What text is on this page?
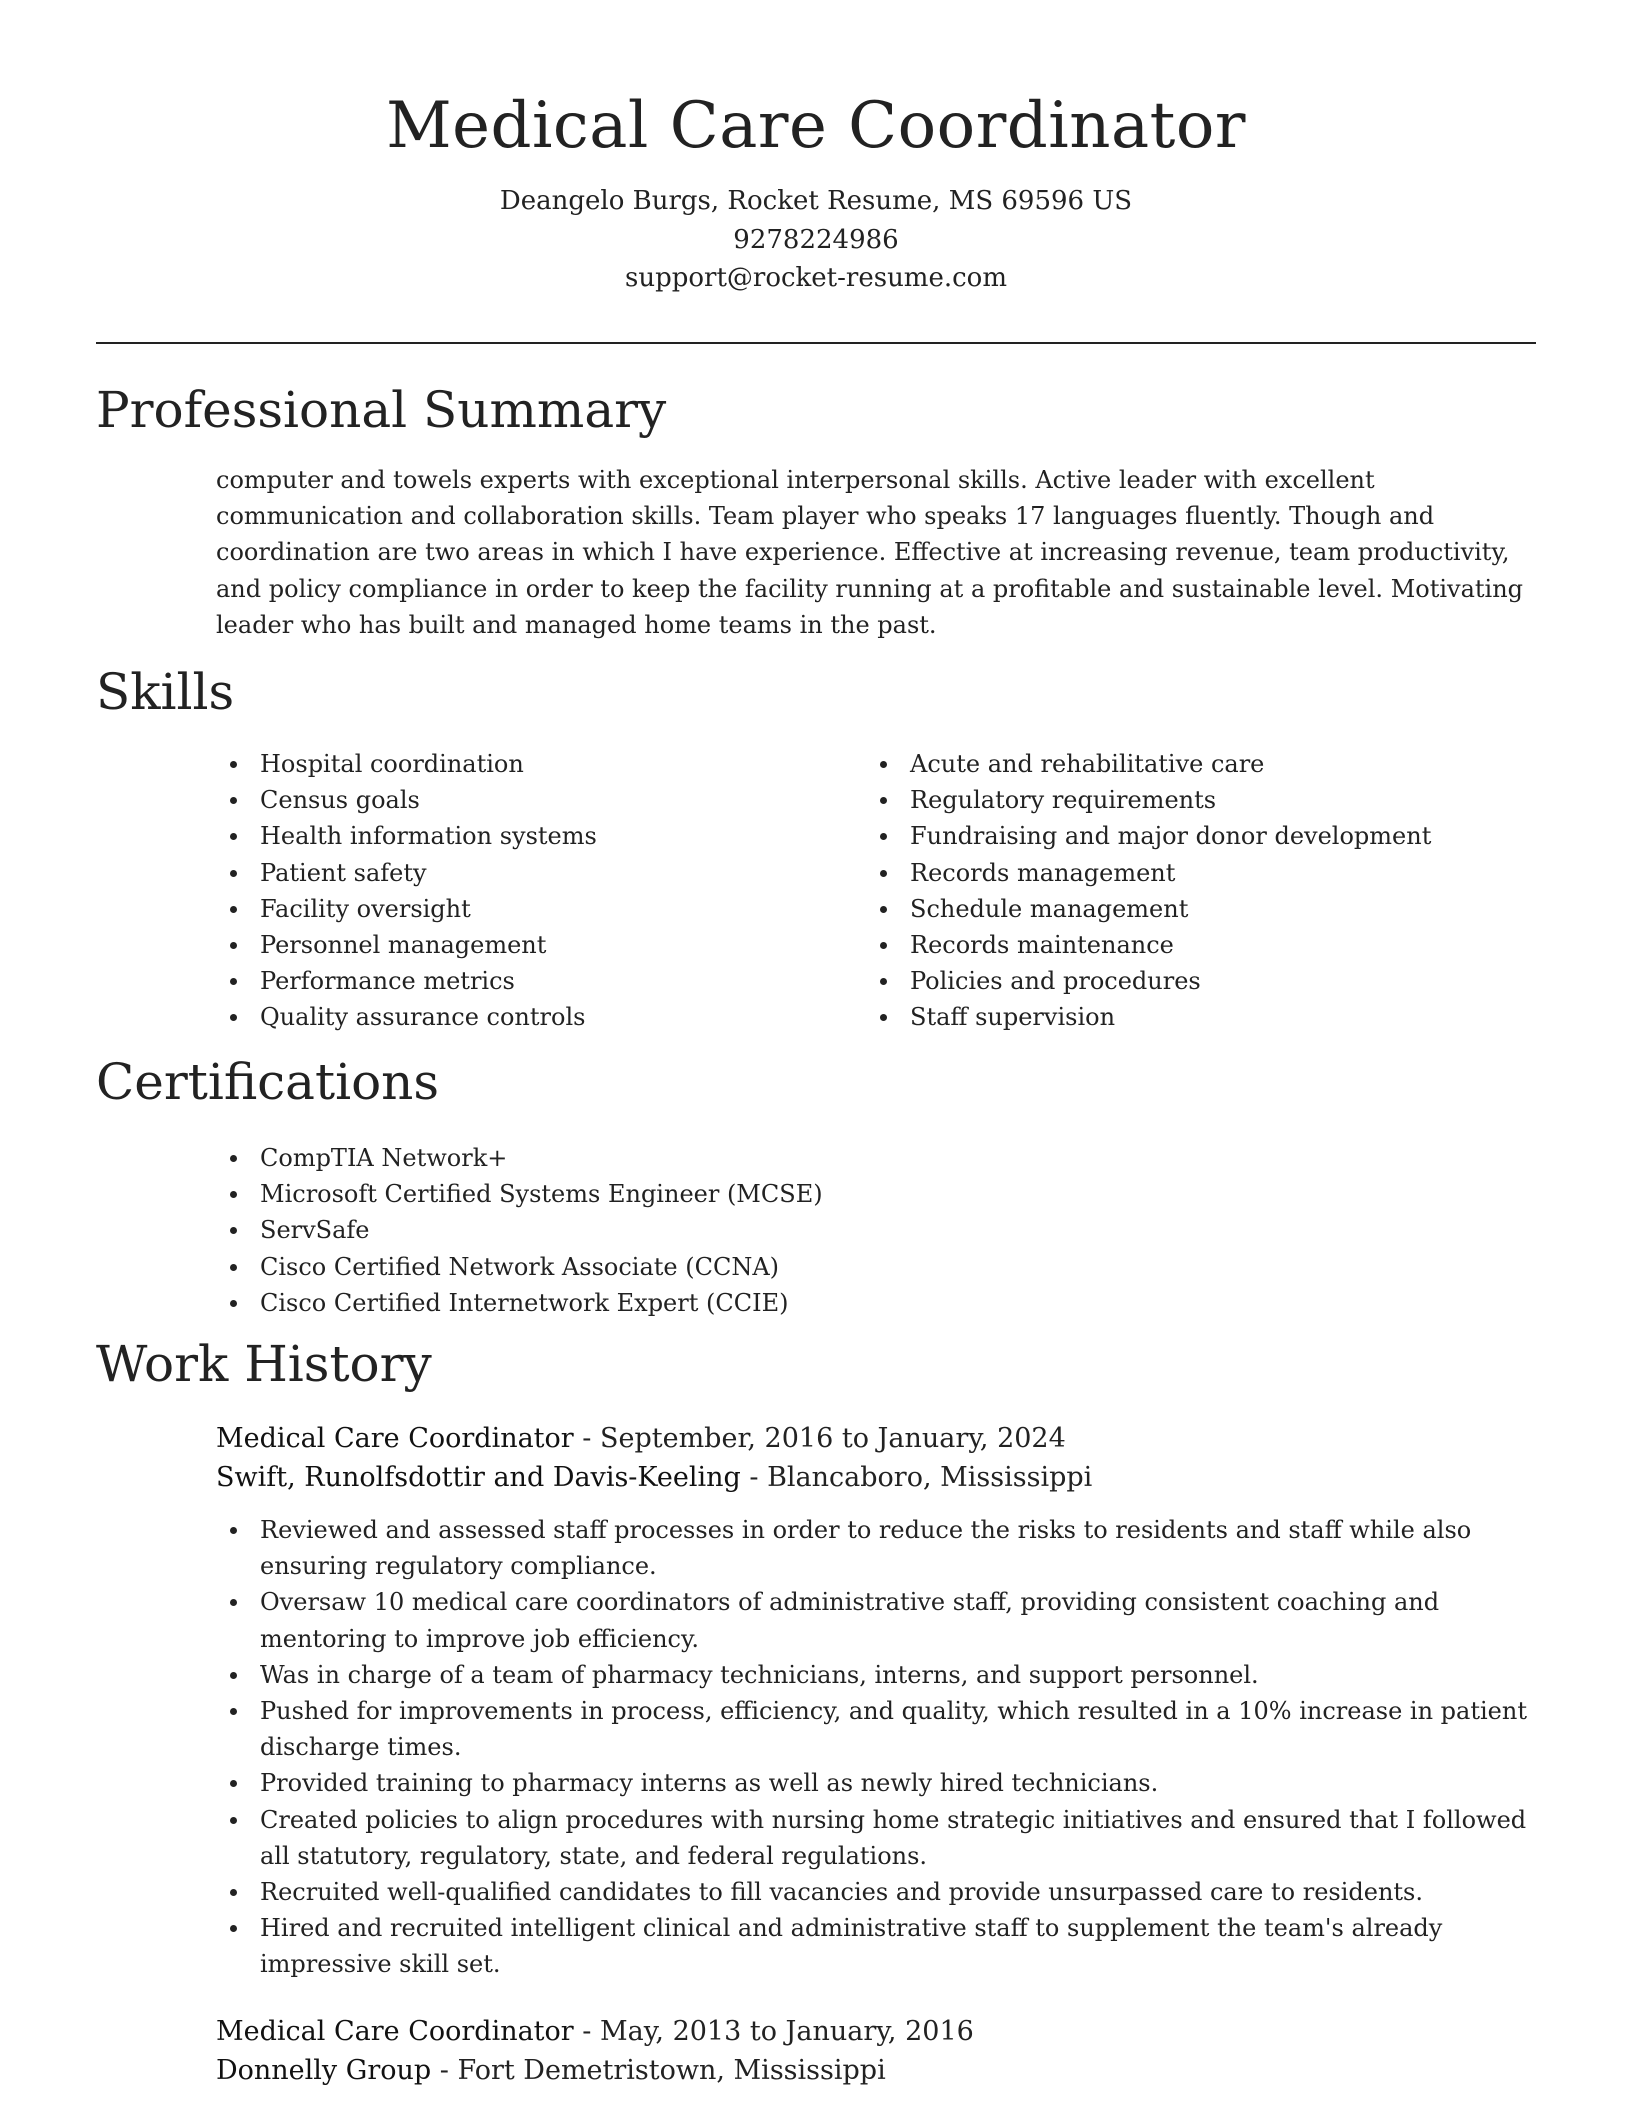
Medical Care Coordinator
Deangelo Burgs, Rocket Resume, MS 69596 US
9278224986
support@rocket-resume.com
Professional Summary

computer and towels experts with exceptional interpersonal skills. Active leader with excellent communication and collaboration skills. Team player who speaks 17 languages fluently. Though and coordination are two areas in which I have experience. Effective at increasing revenue, team productivity, and policy compliance in order to keep the facility running at a profitable and sustainable level. Motivating leader who has built and managed home teams in the past.

Skills
Hospital coordination
Census goals
Health information systems
Patient safety
Facility oversight
Personnel management
Performance metrics
Quality assurance controls
Acute and rehabilitative care
Regulatory requirements
Fundraising and major donor development
Records management
Schedule management
Records maintenance
Policies and procedures
Staff supervision
Certifications
CompTIA Network+
Microsoft Certified Systems Engineer (MCSE)
ServSafe
Cisco Certified Network Associate (CCNA)
Cisco Certified Internetwork Expert (CCIE)
Work History
Medical Care Coordinator - September, 2016 to January, 2024
Swift, Runolfsdottir and Davis-Keeling - Blancaboro, Mississippi
Reviewed and assessed staff processes in order to reduce the risks to residents and staff while also ensuring regulatory compliance.
Oversaw 10 medical care coordinators of administrative staff, providing consistent coaching and mentoring to improve job efficiency.
Was in charge of a team of pharmacy technicians, interns, and support personnel.
Pushed for improvements in process, efficiency, and quality, which resulted in a 10% increase in patient discharge times.
Provided training to pharmacy interns as well as newly hired technicians.
Created policies to align procedures with nursing home strategic initiatives and ensured that I followed all statutory, regulatory, state, and federal regulations.
Recruited well-qualified candidates to fill vacancies and provide unsurpassed care to residents.
Hired and recruited intelligent clinical and administrative staff to supplement the team's already impressive skill set.
Medical Care Coordinator - May, 2013 to January, 2016
Donnelly Group - Fort Demetristown, Mississippi
